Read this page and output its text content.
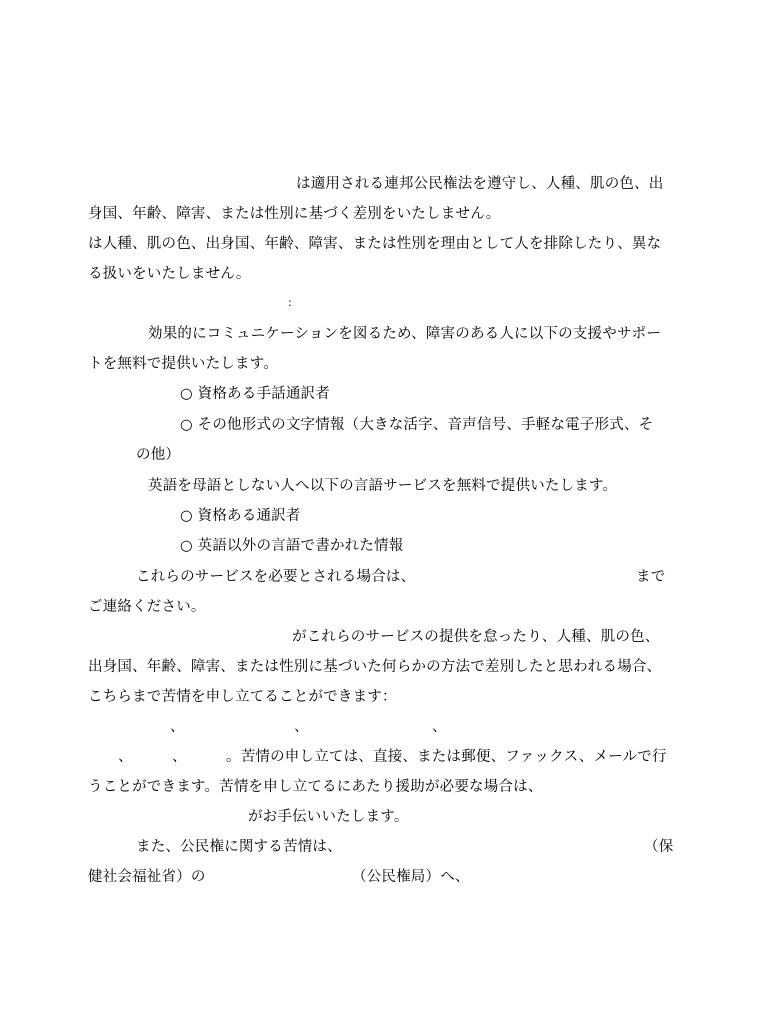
は適用される連邦公民権法を遵守し、人種、肌の色、出
身国、年齢、障害、または性別に基づく差別をいたしません。
は人種、肌の色、出身国、年齢、障害、または性別を理由として人を排除したり、異な
る扱いをいたしません。
:
効果的にコミュニケーションを図るため、障害のある人に以下の支援やサポー
トを無料で提供いたします。
○ 資格ある手話通訳者
○ その他形式の文字情報（大きな活字、音声信号、手軽な電子形式、そ
の他）
英語を母語としない人へ以下の言語サービスを無料で提供いたします。
○ 資格ある通訳者
○ 英語以外の言語で書かれた情報
これらのサービスを必要とされる場合は、	まで
ご連絡ください。
がこれらのサービスの提供を怠ったり、人種、肌の色、
出身国、年齢、障害、または性別に基づいた何らかの方法で差別したと思われる場合、
こちらまで苦情を申し立てることができます：
、	、	、
、	、	。苦情の申し立ては、直接、または郵便、ファックス、メールで行
うことができます。苦情を申し立てるにあたり援助が必要な場合は、
がお手伝いいたします。
また、公民権に関する苦情は、	（保
健社会福祉省）の	（公民権局）へ、
